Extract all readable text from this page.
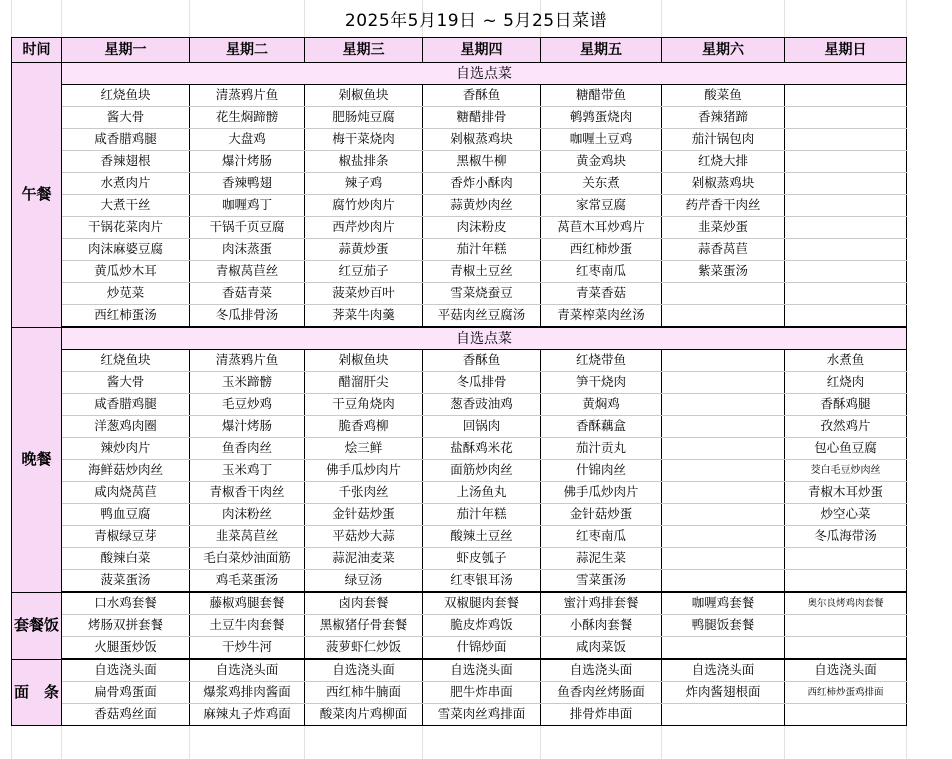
2025年5月19日 ~ 5月25日菜谱
时间	星期一	星期二	星期三	星期四	星期五	星期六	星期日
午餐	自选点菜						
	红烧鱼块	清蒸鸦片鱼	剁椒鱼块	香酥鱼	糖醋带鱼	酸菜鱼	
	酱大骨	花生焖蹄髈	肥肠炖豆腐	糖醋排骨	鹌鹑蛋烧肉	香辣猪蹄	
	咸香腊鸡腿	大盘鸡	梅干菜烧肉	剁椒蒸鸡块	咖喱土豆鸡	茄汁锅包肉	
	香辣翅根	爆汁烤肠	椒盐排条	黑椒牛柳	黄金鸡块	红烧大排	
	水煮肉片	香辣鸭翅	辣子鸡	香炸小酥肉	关东煮	剁椒蒸鸡块	
	大煮干丝	咖喱鸡丁	腐竹炒肉片	蒜黄炒肉丝	家常豆腐	药芹香干肉丝	
	干锅花菜肉片	干锅千页豆腐	西芹炒肉片	肉沫粉皮	莴苣木耳炒鸡片	韭菜炒蛋	
	肉沫麻婆豆腐	肉沫蒸蛋	蒜黄炒蛋	茄汁年糕	西红柿炒蛋	蒜香莴苣	
	黄瓜炒木耳	青椒莴苣丝	红豆茄子	青椒土豆丝	红枣南瓜	紫菜蛋汤	
	炒苋菜	香菇青菜	菠菜炒百叶	雪菜烧蚕豆	青菜香菇		
	西红柿蛋汤	冬瓜排骨汤	荠菜牛肉羹	平菇肉丝豆腐汤	青菜榨菜肉丝汤		
晚餐	自选点菜						
	红烧鱼块	清蒸鸦片鱼	剁椒鱼块	香酥鱼	红烧带鱼		水煮鱼
	酱大骨	玉米蹄髈	醋溜肝尖	冬瓜排骨	笋干烧肉		红烧肉
	咸香腊鸡腿	毛豆炒鸡	干豆角烧肉	葱香豉油鸡	黄焖鸡		香酥鸡腿
	洋葱鸡肉圈	爆汁烤肠	脆香鸡柳	回锅肉	香酥藕盒		孜然鸡片
	辣炒肉片	鱼香肉丝	烩三鲜	盐酥鸡米花	茄汁贡丸		包心鱼豆腐
	海鲜菇炒肉丝	玉米鸡丁	佛手瓜炒肉片	面筋炒肉丝	什锦肉丝		茭白毛豆炒肉丝
	咸肉烧莴苣	青椒香干肉丝	千张肉丝	上汤鱼丸	佛手瓜炒肉片		青椒木耳炒蛋
	鸭血豆腐	肉沫粉丝	金针菇炒蛋	茄汁年糕	金针菇炒蛋		炒空心菜
	青椒绿豆芽	韭菜莴苣丝	平菇炒大蒜	酸辣土豆丝	红枣南瓜		冬瓜海带汤
	酸辣白菜	毛白菜炒油面筋	蒜泥油麦菜	虾皮瓠子	蒜泥生菜		
	菠菜蛋汤	鸡毛菜蛋汤	绿豆汤	红枣银耳汤	雪菜蛋汤		
套餐饭	口水鸡套餐	藤椒鸡腿套餐	卤肉套餐	双椒腿肉套餐	蜜汁鸡排套餐	咖喱鸡套餐	奥尔良烤鸡肉套餐
	烤肠双拼套餐	土豆牛肉套餐	黑椒猪仔骨套餐	脆皮炸鸡饭	小酥肉套餐	鸭腿饭套餐	
	火腿蛋炒饭	干炒牛河	菠萝虾仁炒饭	什锦炒面	咸肉菜饭		
面　条	自选浇头面	自选浇头面	自选浇头面	自选浇头面	自选浇头面	自选浇头面	自选浇头面
	扁骨鸡蛋面	爆浆鸡排肉酱面	西红柿牛腩面	肥牛炸串面	鱼香肉丝烤肠面	炸肉酱翅根面	西红柿炒蛋鸡排面
	香菇鸡丝面	麻辣丸子炸鸡面	酸菜肉片鸡柳面	雪菜肉丝鸡排面	排骨炸串面		
